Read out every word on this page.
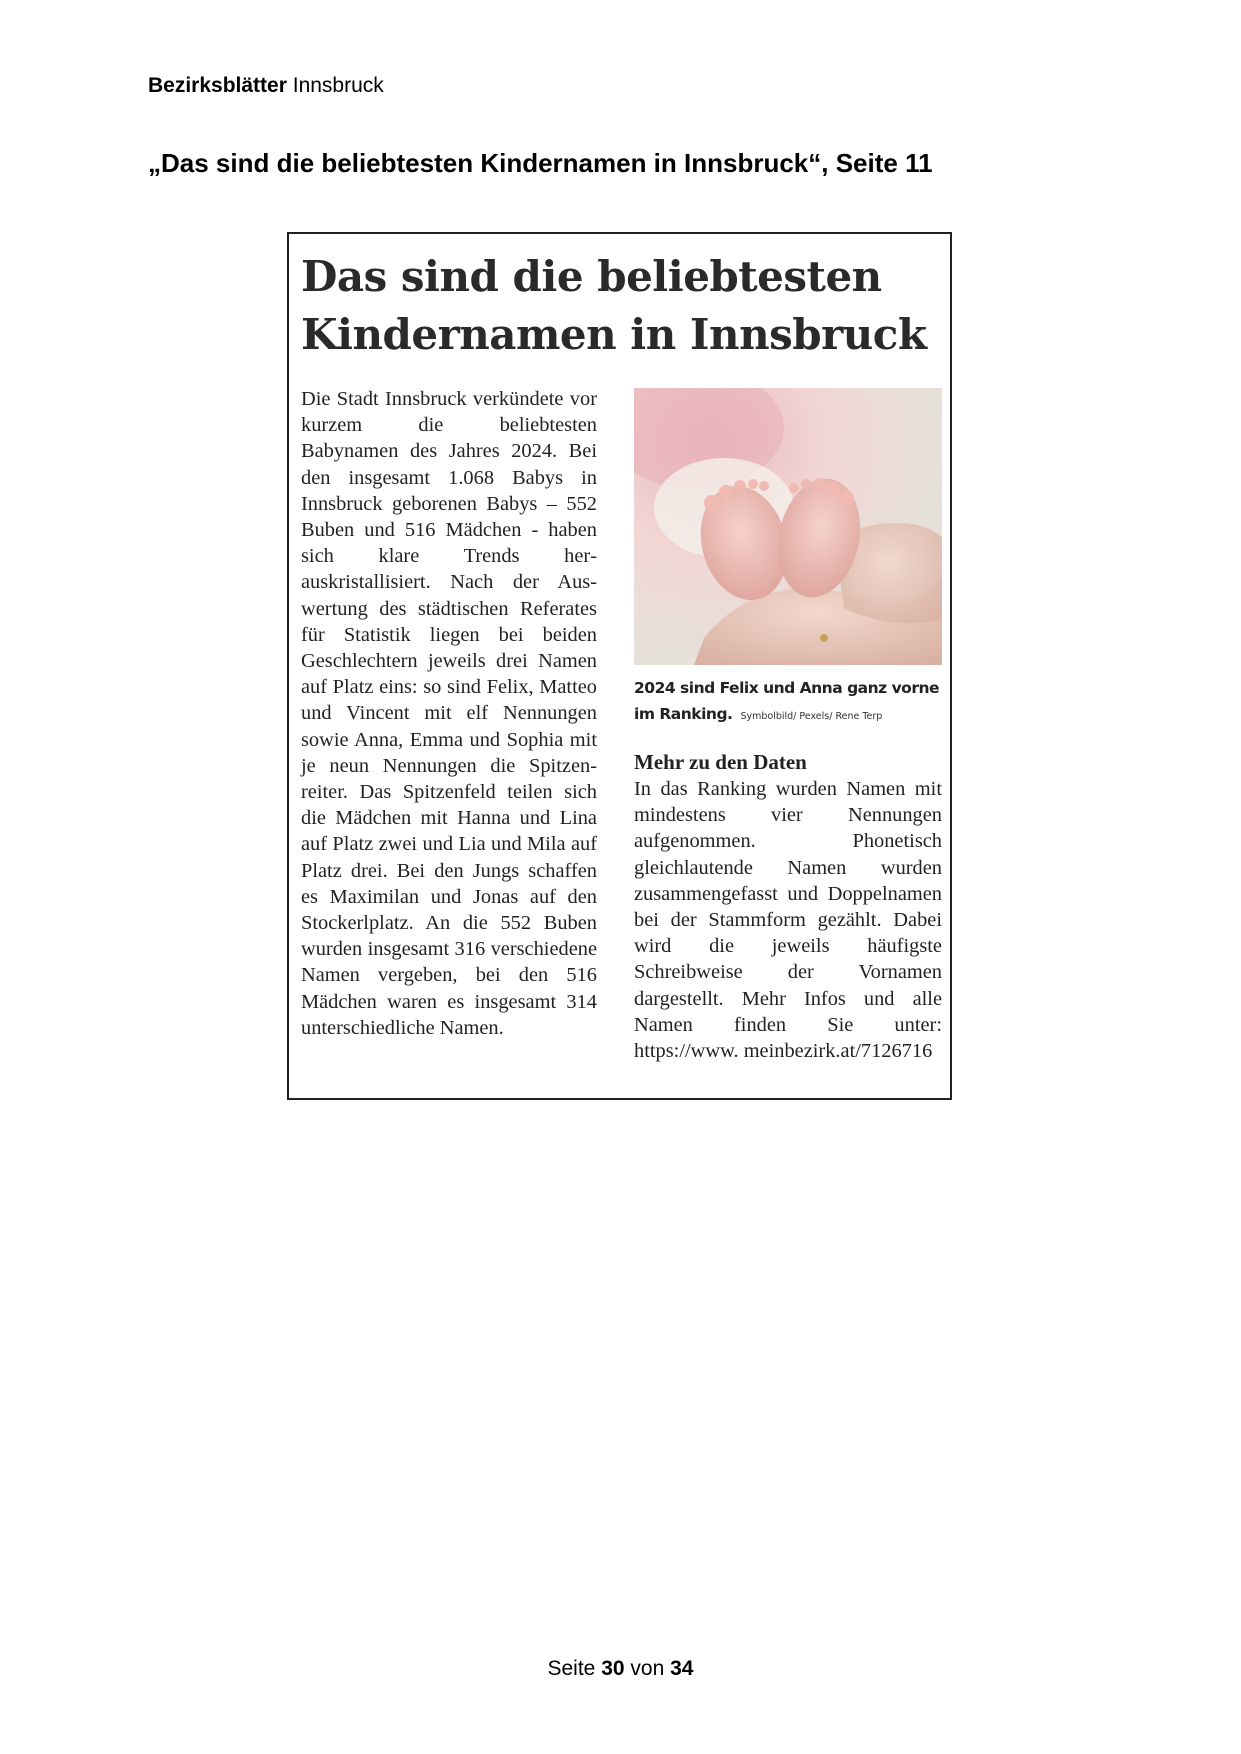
Bezirksblätter Innsbruck
„Das sind die beliebtesten Kindernamen in Innsbruck“, Seite 11
Das sind die beliebtesten
Kindernamen in Innsbruck
Die Stadt Innsbruck verkündete vor kurzem die beliebtesten Babynamen des Jahres 2024. Bei den insgesamt 1.068 Babys in Innsbruck geborenen Babys – 552 Buben und 516 Mädchen - haben sich klare Trends herauskristallisiert. Nach der Auswertung des städtischen Referates für Statistik liegen bei beiden Geschlechtern jeweils drei Namen auf Platz eins: so sind Felix, Matteo und Vincent mit elf Nennungen sowie Anna, Emma und Sophia mit je neun Nennungen die Spitzenreiter. Das Spitzenfeld teilen sich die Mädchen mit Hanna und Lina auf Platz zwei und Lia und Mila auf Platz drei. Bei den Jungs schaffen es Maximilan und Jonas auf den Stockerlplatz. An die 552 Buben wurden insgesamt 316 verschiedene Namen vergeben, bei den 516 Mädchen waren es insgesamt 314 unterschiedliche Namen.
2024 sind Felix und Anna ganz vorne im Ranking. Symbolbild/ Pexels/ Rene Terp
Mehr zu den Daten
In das Ranking wurden Namen mit mindestens vier Nennungen aufgenommen. Phonetisch gleichlautende Namen wurden zusammengefasst und Doppelnamen bei der Stammform gezählt. Dabei wird die jeweils häufigste Schreibweise der Vornamen dargestellt. Mehr Infos und alle Namen finden Sie unter: https://www. meinbezirk.at/7126716
Seite 30 von 34
